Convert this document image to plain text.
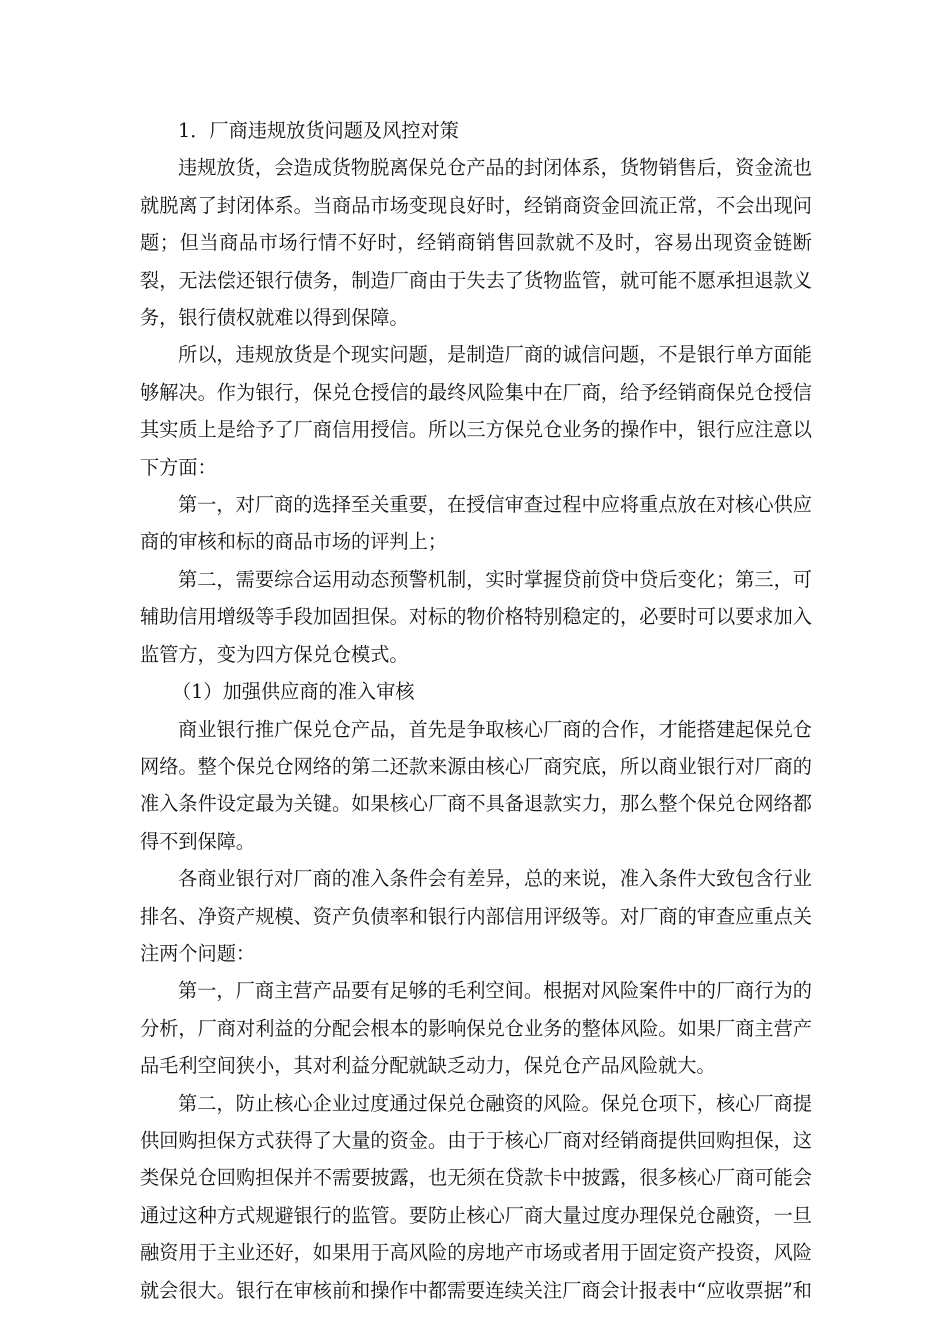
1．厂商违规放货问题及风控对策

违规放货，会造成货物脱离保兑仓产品的封闭体系，货物销售后，资金流也就脱离了封闭体系。当商品市场变现良好时，经销商资金回流正常，不会出现问题；但当商品市场行情不好时，经销商销售回款就不及时，容易出现资金链断裂，无法偿还银行债务，制造厂商由于失去了货物监管，就可能不愿承担退款义务，银行债权就难以得到保障。

所以，违规放货是个现实问题，是制造厂商的诚信问题，不是银行单方面能够解决。作为银行，保兑仓授信的最终风险集中在厂商，给予经销商保兑仓授信其实质上是给予了厂商信用授信。所以三方保兑仓业务的操作中，银行应注意以下方面：

第一，对厂商的选择至关重要，在授信审查过程中应将重点放在对核心供应商的审核和标的商品市场的评判上；

第二，需要综合运用动态预警机制，实时掌握贷前贷中贷后变化；第三，可辅助信用增级等手段加固担保。对标的物价格特别稳定的，必要时可以要求加入监管方，变为四方保兑仓模式。

（1）加强供应商的准入审核

商业银行推广保兑仓产品，首先是争取核心厂商的合作，才能搭建起保兑仓网络。整个保兑仓网络的第二还款来源由核心厂商究底，所以商业银行对厂商的准入条件设定最为关键。如果核心厂商不具备退款实力，那么整个保兑仓网络都得不到保障。

各商业银行对厂商的准入条件会有差异，总的来说，准入条件大致包含行业排名、净资产规模、资产负债率和银行内部信用评级等。对厂商的审查应重点关注两个问题：

第一，厂商主营产品要有足够的毛利空间。根据对风险案件中的厂商行为的分析，厂商对利益的分配会根本的影响保兑仓业务的整体风险。如果厂商主营产品毛利空间狭小，其对利益分配就缺乏动力，保兑仓产品风险就大。

第二，防止核心企业过度通过保兑仓融资的风险。保兑仓项下，核心厂商提供回购担保方式获得了大量的资金。由于于核心厂商对经销商提供回购担保，这类保兑仓回购担保并不需要披露，也无须在贷款卡中披露，很多核心厂商可能会通过这种方式规避银行的监管。要防止核心厂商大量过度办理保兑仓融资，一旦融资用于主业还好，如果用于高风险的房地产市场或者用于固定资产投资，风险就会很大。银行在审核前和操作中都需要连续关注厂商会计报表中“应收票据”和
